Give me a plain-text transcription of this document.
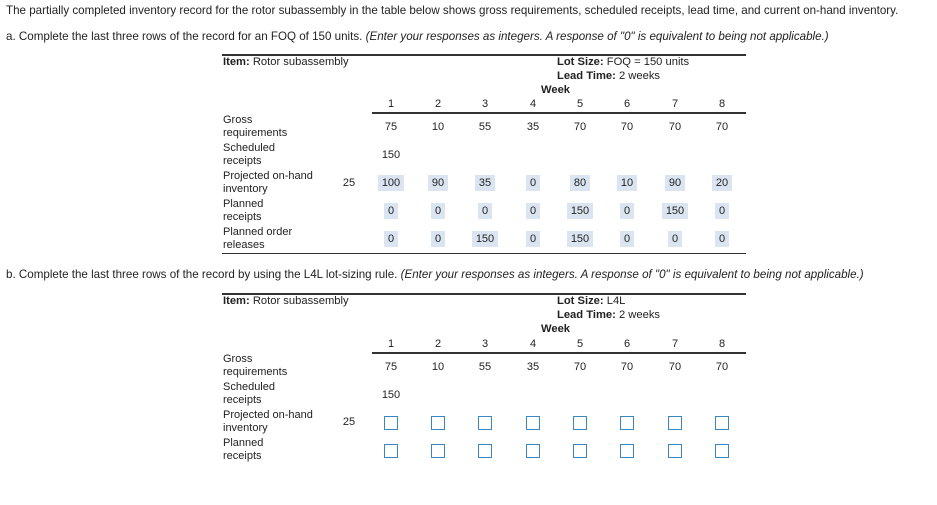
The partially completed inventory record for the rotor subassembly in the table below shows gross requirements, scheduled receipts, lead time, and current on-hand inventory.
a. Complete the last three rows of the record for an FOQ of 150 units. (Enter your responses as integers. A response of "0" is equivalent to being not applicable.)
Item: Rotor subassembly	Lot Size: FOQ = 150 units
Lead Time: 2 weeks
Week
1	2	3	4	5	6	7	8
Gross
requirements	75	10	55	35	70	70	70	70
Scheduled
receipts	150
Projected on-hand
inventory	25	100	90	35	0	80	10	90	20
Planned
receipts	0	0	0	0	150	0	150	0
Planned order
releases	0	0	150	0	150	0	0	0
b. Complete the last three rows of the record by using the L4L lot-sizing rule. (Enter your responses as integers. A response of "0" is equivalent to being not applicable.)
Item: Rotor subassembly	Lot Size: L4L
Lead Time: 2 weeks
Week
1	2	3	4	5	6	7	8
Gross
requirements	75	10	55	35	70	70	70	70
Scheduled
receipts	150
Projected on-hand
inventory	25
Planned
receipts
